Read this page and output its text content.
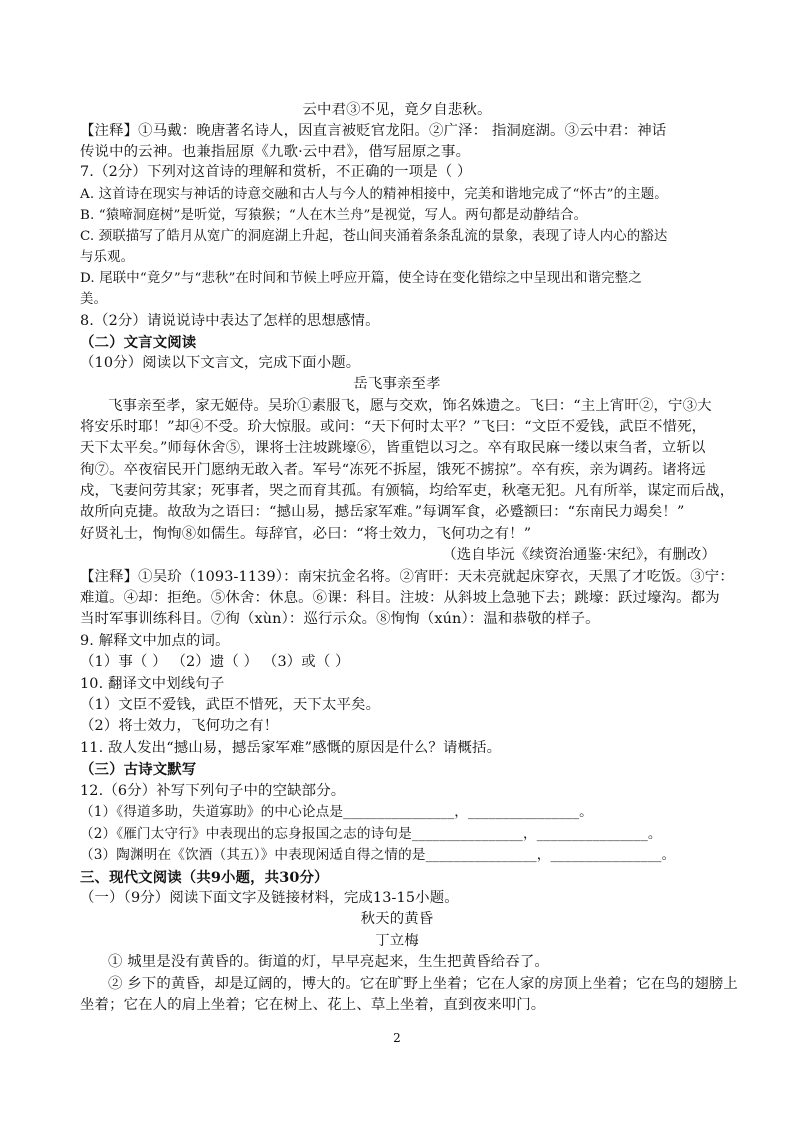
云中君③不见，竟夕自悲秋。
【注释】①马戴：晚唐著名诗人，因直言被贬官龙阳。②广泽： 指洞庭湖。③云中君：神话
传说中的云神。也兼指屈原《九歌·云中君》，借写屈原之事。
7.（2分）下列对这首诗的理解和赏析，不正确的一项是（ ）
A. 这首诗在现实与神话的诗意交融和古人与今人的精神相接中，完美和谐地完成了“怀古”的主题。
B. “猿啼洞庭树”是听觉，写猿猴；“人在木兰舟”是视觉，写人。两句都是动静结合。
C. 颈联描写了皓月从宽广的洞庭湖上升起，苍山间夹涌着条条乱流的景象，表现了诗人内心的豁达
与乐观。
D. 尾联中“竟夕”与“悲秋”在时间和节候上呼应开篇，使全诗在变化错综之中呈现出和谐完整之
美。
8.（2分）请说说诗中表达了怎样的思想感情。
（二）文言文阅读
（10分）阅读以下文言文，完成下面小题。
岳飞事亲至孝
飞事亲至孝，家无姬侍。吴玠①素服飞，愿与交欢，饰名姝遗之。飞曰：“主上宵旰②，宁③大
将安乐时耶！”却④不受。玠大惊服。或问：“天下何时太平？”飞曰：“文臣不爱钱，武臣不惜死，
天下太平矣。”师每休舍⑤，课将士注坡跳壕⑥，皆重铠以习之。卒有取民麻一缕以束刍者，立斩以
徇⑦。卒夜宿民开门愿纳无敢入者。军号“冻死不拆屋，饿死不掳掠”。卒有疾，亲为调药。诸将远
戍，飞妻问劳其家；死事者，哭之而育其孤。有颁犒，均给军吏，秋毫无犯。凡有所举，谋定而后战，
故所向克捷。故敌为之语曰：“撼山易，撼岳家军难。”每调军食，必蹙额曰：“东南民力竭矣！”
好贤礼士，恂恂⑧如儒生。每辞官，必曰：“将士效力，飞何功之有！”
（选自毕沅《续资治通鉴·宋纪》，有删改）
【注释】①吴玠（1093-1139）：南宋抗金名将。②宵旰：天未亮就起床穿衣，天黑了才吃饭。③宁：
难道。④却：拒绝。⑤休舍：休息。⑥课：科目。注坡：从斜坡上急驰下去；跳壕：跃过壕沟。都为
当时军事训练科目。⑦徇（xùn）：巡行示众。⑧恂恂（xún）：温和恭敬的样子。
9. 解释文中加点的词。
（1）事（ ） （2）遗（ ） （3）或（ ）
10. 翻译文中划线句子
（1）文臣不爱钱，武臣不惜死，天下太平矣。
（2）将士效力，飞何功之有！
11. 敌人发出“撼山易，撼岳家军难”感慨的原因是什么？请概括。
（三）古诗文默写
12.（6分）补写下列句子中的空缺部分。
（1）《得道多助，失道寡助》的中心论点是________________，________________。
（2）《雁门太守行》中表现出的忘身报国之志的诗句是________________，________________。
（3）陶渊明在《饮酒（其五）》中表现闲适自得之情的是________________，________________。
三、现代文阅读（共9小题，共30分）
（一）（9分）阅读下面文字及链接材料，完成13-15小题。
秋天的黄昏
丁立梅
① 城里是没有黄昏的。街道的灯，早早亮起来，生生把黄昏给吞了。
② 乡下的黄昏，却是辽阔的，博大的。它在旷野上坐着；它在人家的房顶上坐着；它在鸟的翅膀上
坐着；它在人的肩上坐着；它在树上、花上、草上坐着，直到夜来叩门。
2
